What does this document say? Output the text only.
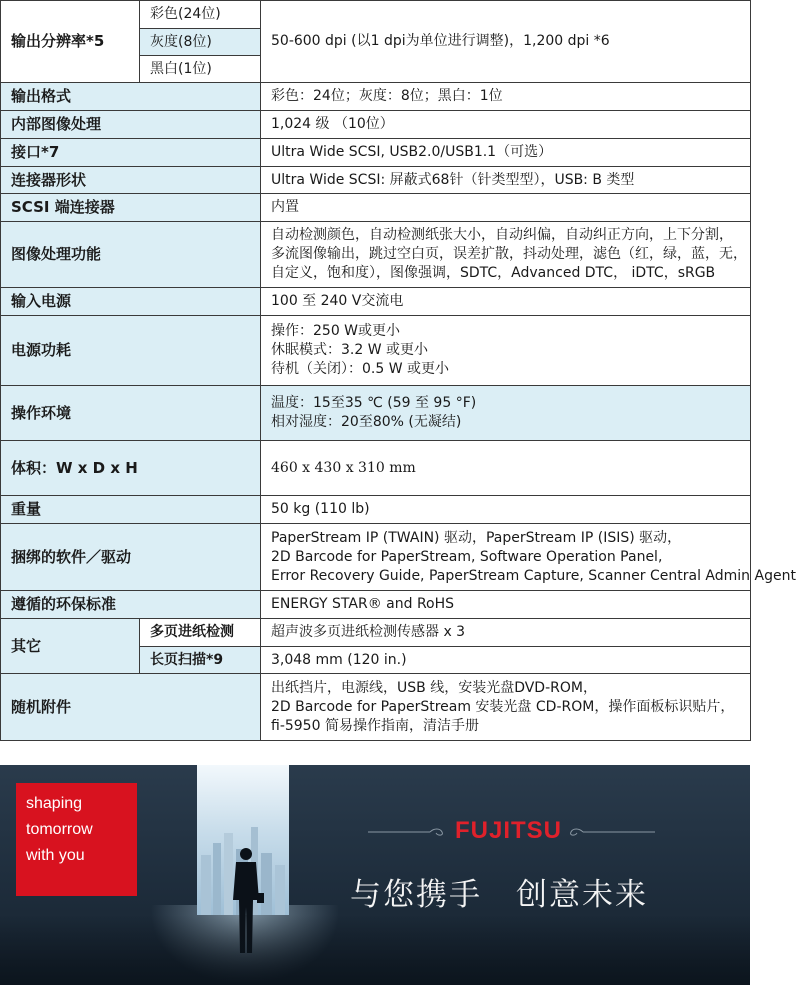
输出分辨率*5	彩色(24位)	50-600 dpi (以1 dpi为单位进行调整)，1,200 dpi *6
	灰度(8位)	
	黑白(1位)	
输出格式		彩色：24位；灰度：8位；黑白：1位
内部图像处理		1,024 级 （10位）
接口*7		Ultra Wide SCSI, USB2.0/USB1.1（可选）
连接器形状		Ultra Wide SCSI: 屏蔽式68针（针类型型），USB: B 类型
SCSI 端连接器		内置
图像处理功能		自动检测颜色，自动检测纸张大小，自动纠偏，自动纠正方向，上下分割，
多流图像输出，跳过空白页，误差扩散，抖动处理，滤色（红，绿，蓝，无，
自定义，饱和度），图像强调，SDTC，Advanced DTC， iDTC，sRGB

输入电源		100 至 240 V交流电
电源功耗		操作：250 W或更小
休眠模式：3.2 W 或更小
待机（关闭）：0.5 W 或更小

操作环境		温度：15至35 ℃ (59 至 95 °F)
相对湿度：20至80% (无凝结)

体积：W x D x H		460 x 430 x 310 mm
重量		50 kg (110 lb)
捆绑的软件／驱动		PaperStream IP (TWAIN) 驱动，PaperStream IP (ISIS) 驱动，
2D Barcode for PaperStream, Software Operation Panel,
Error Recovery Guide, PaperStream Capture, Scanner Central Admin Agent

遵循的环保标准		ENERGY STAR® and RoHS
其它	多页进纸检测	超声波多页进纸检测传感器 x 3
	长页扫描*9	3,048 mm (120 in.)
随机附件		出纸挡片，电源线，USB 线，安装光盘DVD-ROM，
2D Barcode for PaperStream 安装光盘 CD-ROM，操作面板标识贴片，
fi-5950 简易操作指南，清洁手册
shaping
tomorrow
with you
FUJITSU
与您携手 创意未来
